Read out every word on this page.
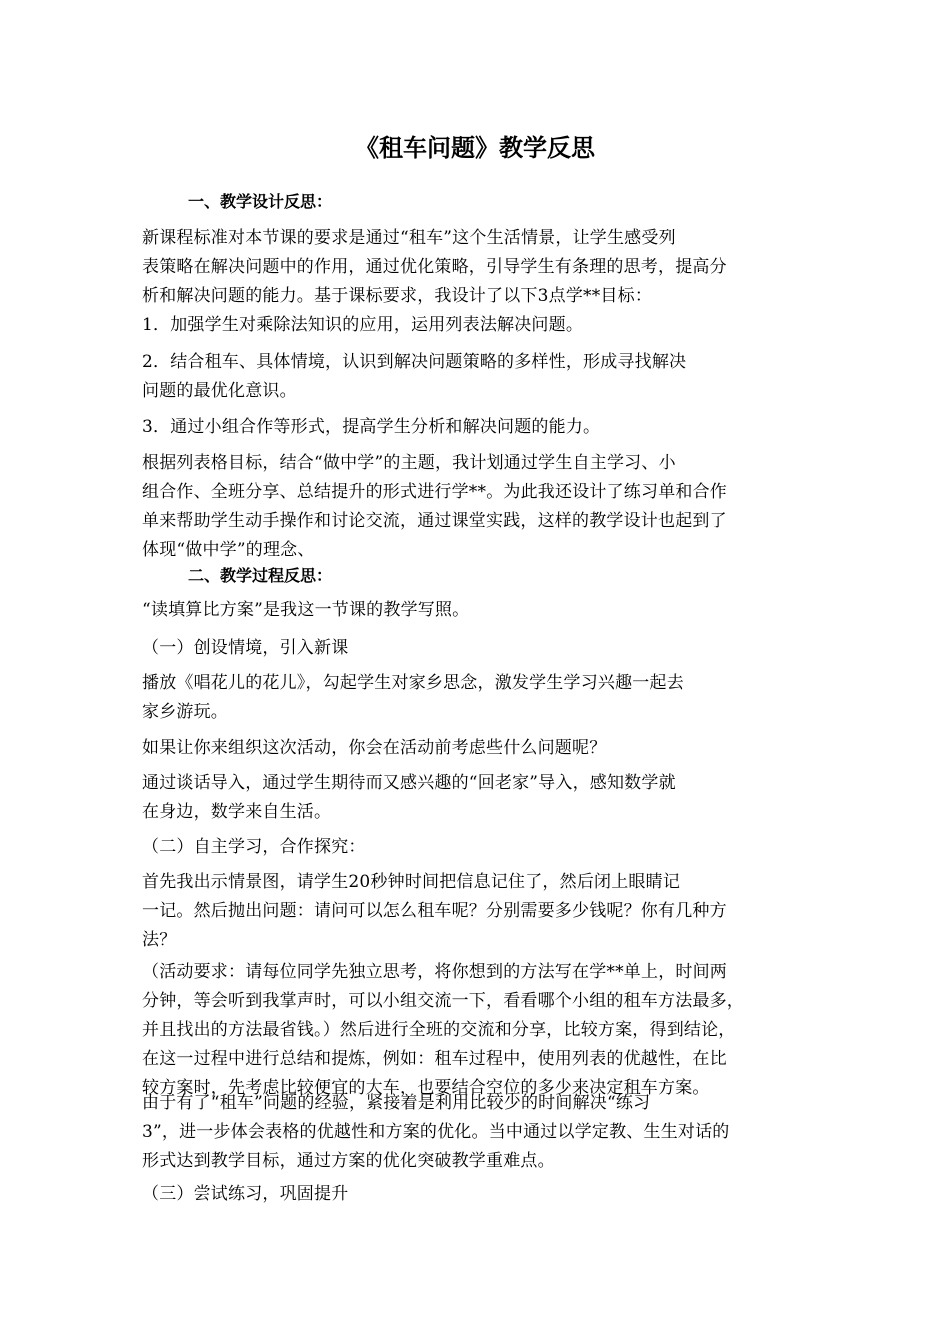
《租车问题》教学反思
一、教学设计反思：

新课程标准对本节课的要求是通过“租车”这个生活情景，让学生感受列
表策略在解决问题中的作用，通过优化策略，引导学生有条理的思考，提高分
析和解决问题的能力。基于课标要求，我设计了以下3点学**目标：

1．加强学生对乘除法知识的应用，运用列表法解决问题。

2．结合租车、具体情境，认识到解决问题策略的多样性，形成寻找解决
问题的最优化意识。

3．通过小组合作等形式，提高学生分析和解决问题的能力。

根据列表格目标，结合“做中学”的主题，我计划通过学生自主学习、小
组合作、全班分享、总结提升的形式进行学**。为此我还设计了练习单和合作
单来帮助学生动手操作和讨论交流，通过课堂实践，这样的教学设计也起到了
体现“做中学”的理念、

二、教学过程反思：

“读填算比方案”是我这一节课的教学写照。

（一）创设情境，引入新课

播放《唱花儿的花儿》，勾起学生对家乡思念，激发学生学习兴趣一起去
家乡游玩。

如果让你来组织这次活动，你会在活动前考虑些什么问题呢？

通过谈话导入，通过学生期待而又感兴趣的“回老家”导入，感知数学就
在身边，数学来自生活。

（二）自主学习，合作探究：

首先我出示情景图，请学生20秒钟时间把信息记住了，然后闭上眼睛记
一记。然后抛出问题：请问可以怎么租车呢？分别需要多少钱呢？你有几种方
法？

（活动要求：请每位同学先独立思考，将你想到的方法写在学**单上，时间两
分钟，等会听到我掌声时，可以小组交流一下，看看哪个小组的租车方法最多，
并且找出的方法最省钱。）然后进行全班的交流和分享，比较方案，得到结论，
在这一过程中进行总结和提炼，例如：租车过程中，使用列表的优越性，在比
较方案时，先考虑比较便宜的大车，也要结合空位的多少来决定租车方案。

由于有了“租车”问题的经验，紧接着是利用比较少的时间解决“练习
3”，进一步体会表格的优越性和方案的优化。当中通过以学定教、生生对话的
形式达到教学目标，通过方案的优化突破教学重难点。

（三）尝试练习，巩固提升
